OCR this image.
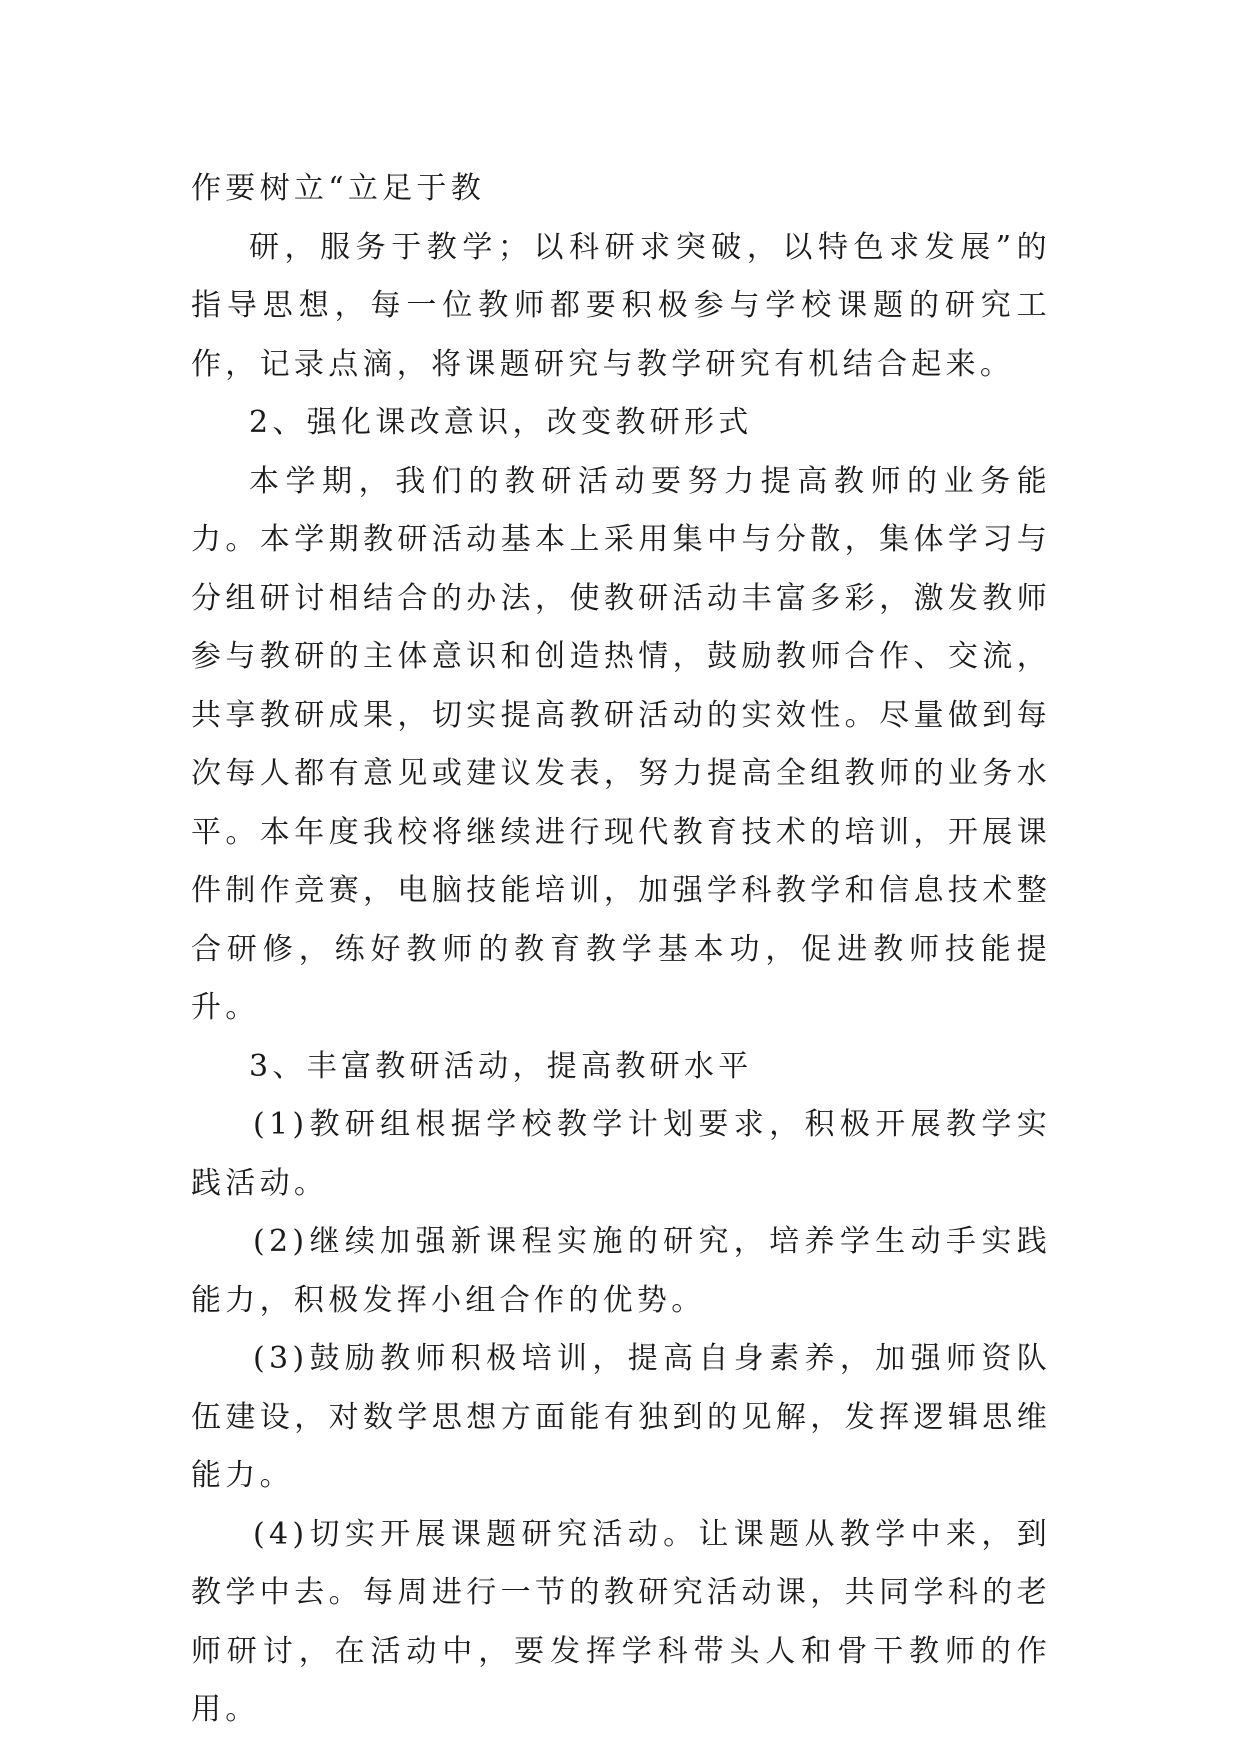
作要树立“立足于教

研，服务于教学；以科研求突破，以特色求发展”的指导思想，每一位教师都要积极参与学校课题的研究工作，记录点滴，将课题研究与教学研究有机结合起来。

2、强化课改意识，改变教研形式

本学期，我们的教研活动要努力提高教师的业务能力。本学期教研活动基本上采用集中与分散，集体学习与分组研讨相结合的办法，使教研活动丰富多彩，激发教师参与教研的主体意识和创造热情，鼓励教师合作、交流，共享教研成果，切实提高教研活动的实效性。尽量做到每次每人都有意见或建议发表，努力提高全组教师的业务水平。本年度我校将继续进行现代教育技术的培训，开展课件制作竞赛，电脑技能培训，加强学科教学和信息技术整合研修，练好教师的教育教学基本功，促进教师技能提升。

3、丰富教研活动，提高教研水平

(1)教研组根据学校教学计划要求，积极开展教学实践活动。

(2)继续加强新课程实施的研究，培养学生动手实践能力，积极发挥小组合作的优势。

(3)鼓励教师积极培训，提高自身素养，加强师资队伍建设，对数学思想方面能有独到的见解，发挥逻辑思维能力。

(4)切实开展课题研究活动。让课题从教学中来，到教学中去。每周进行一节的教研究活动课，共同学科的老师研讨，在活动中，要发挥学科带头人和骨干教师的作用。
